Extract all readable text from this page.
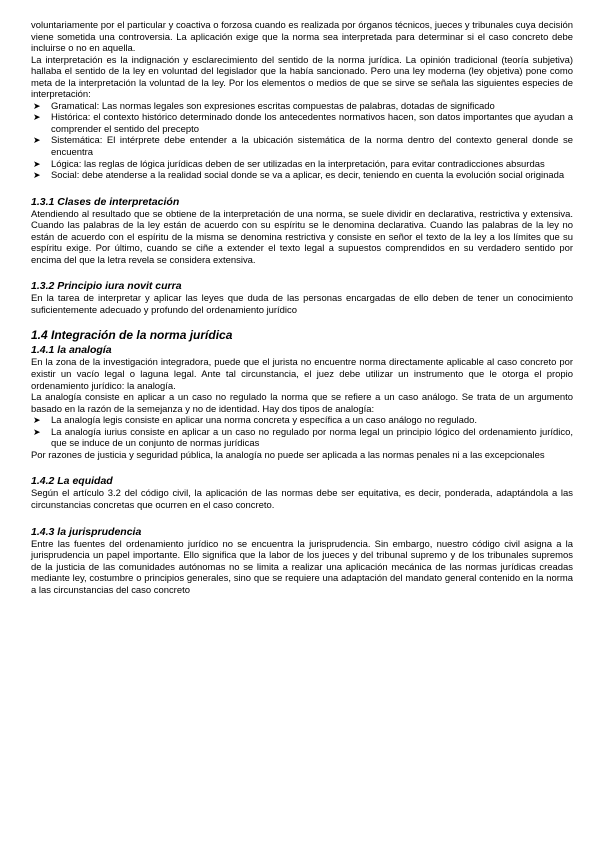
voluntariamente por el particular y coactiva o forzosa cuando es realizada por órganos técnicos, jueces y tribunales cuya decisión viene sometida una controversia. La aplicación exige que la norma sea interpretada para determinar si el caso concreto debe incluirse o no en aquella.

La interpretación es la indignación y esclarecimiento del sentido de la norma jurídica. La opinión tradicional (teoría subjetiva) hallaba el sentido de la ley en voluntad del legislador que la había sancionado. Pero una ley moderna (ley objetiva) pone como meta de la interpretación la voluntad de la ley. Por los elementos o medios de que se sirve se señala las siguientes especies de interpretación:

➤ Gramatical: Las normas legales son expresiones escritas compuestas de palabras, dotadas de significado
➤ Histórica: el contexto histórico determinado donde los antecedentes normativos hacen, son datos importantes que ayudan a comprender el sentido del precepto
➤ Sistemática: El intérprete debe entender a la ubicación sistemática de la norma dentro del contexto general donde se encuentra
➤ Lógica: las reglas de lógica jurídicas deben de ser utilizadas en la interpretación, para evitar contradicciones absurdas
➤ Social: debe atenderse a la realidad social donde se va a aplicar, es decir, teniendo en cuenta la evolución social originada
1.3.1 Clases de interpretación

Atendiendo al resultado que se obtiene de la interpretación de una norma, se suele dividir en declarativa, restrictiva y extensiva. Cuando las palabras de la ley están de acuerdo con su espíritu se le denomina declarativa. Cuando las palabras de la ley no están de acuerdo con el espíritu de la misma se denomina restrictiva y consiste en señor el texto de la ley a los límites que su espíritu exige. Por último, cuando se ciñe a extender el texto legal a supuestos comprendidos en su verdadero sentido por encima del que la letra revela se considera extensiva.

1.3.2 Principio iura novit curra

En la tarea de interpretar y aplicar las leyes que duda de las personas encargadas de ello deben de tener un conocimiento suficientemente adecuado y profundo del ordenamiento jurídico

1.4 Integración de la norma jurídica
1.4.1 la analogía

En la zona de la investigación integradora, puede que el jurista no encuentre norma directamente aplicable al caso concreto por existir un vacío legal o laguna legal. Ante tal circunstancia, el juez debe utilizar un instrumento que le otorga el propio ordenamiento jurídico: la analogía.

La analogía consiste en aplicar a un caso no regulado la norma que se refiere a un caso análogo. Se trata de un argumento basado en la razón de la semejanza y no de identidad. Hay dos tipos de analogía:

➤ La analogía legis consiste en aplicar una norma concreta y específica a un caso análogo no regulado.
➤ La analogía iurius consiste en aplicar a un caso no regulado por norma legal un principio lógico del ordenamiento jurídico, que se induce de un conjunto de normas jurídicas

Por razones de justicia y seguridad pública, la analogía no puede ser aplicada a las normas penales ni a las excepcionales

1.4.2 La equidad

Según el artículo 3.2 del código civil, la aplicación de las normas debe ser equitativa, es decir, ponderada, adaptándola a las circunstancias concretas que ocurren en el caso concreto.

1.4.3 la jurisprudencia

Entre las fuentes del ordenamiento jurídico no se encuentra la jurisprudencia. Sin embargo, nuestro código civil asigna a la jurisprudencia un papel importante. Ello significa que la labor de los jueces y del tribunal supremo y de los tribunales supremos de la justicia de las comunidades autónomas no se limita a realizar una aplicación mecánica de las normas jurídicas creadas mediante ley, costumbre o principios generales, sino que se requiere una adaptación del mandato general contenido en la norma a las circunstancias del caso concreto
